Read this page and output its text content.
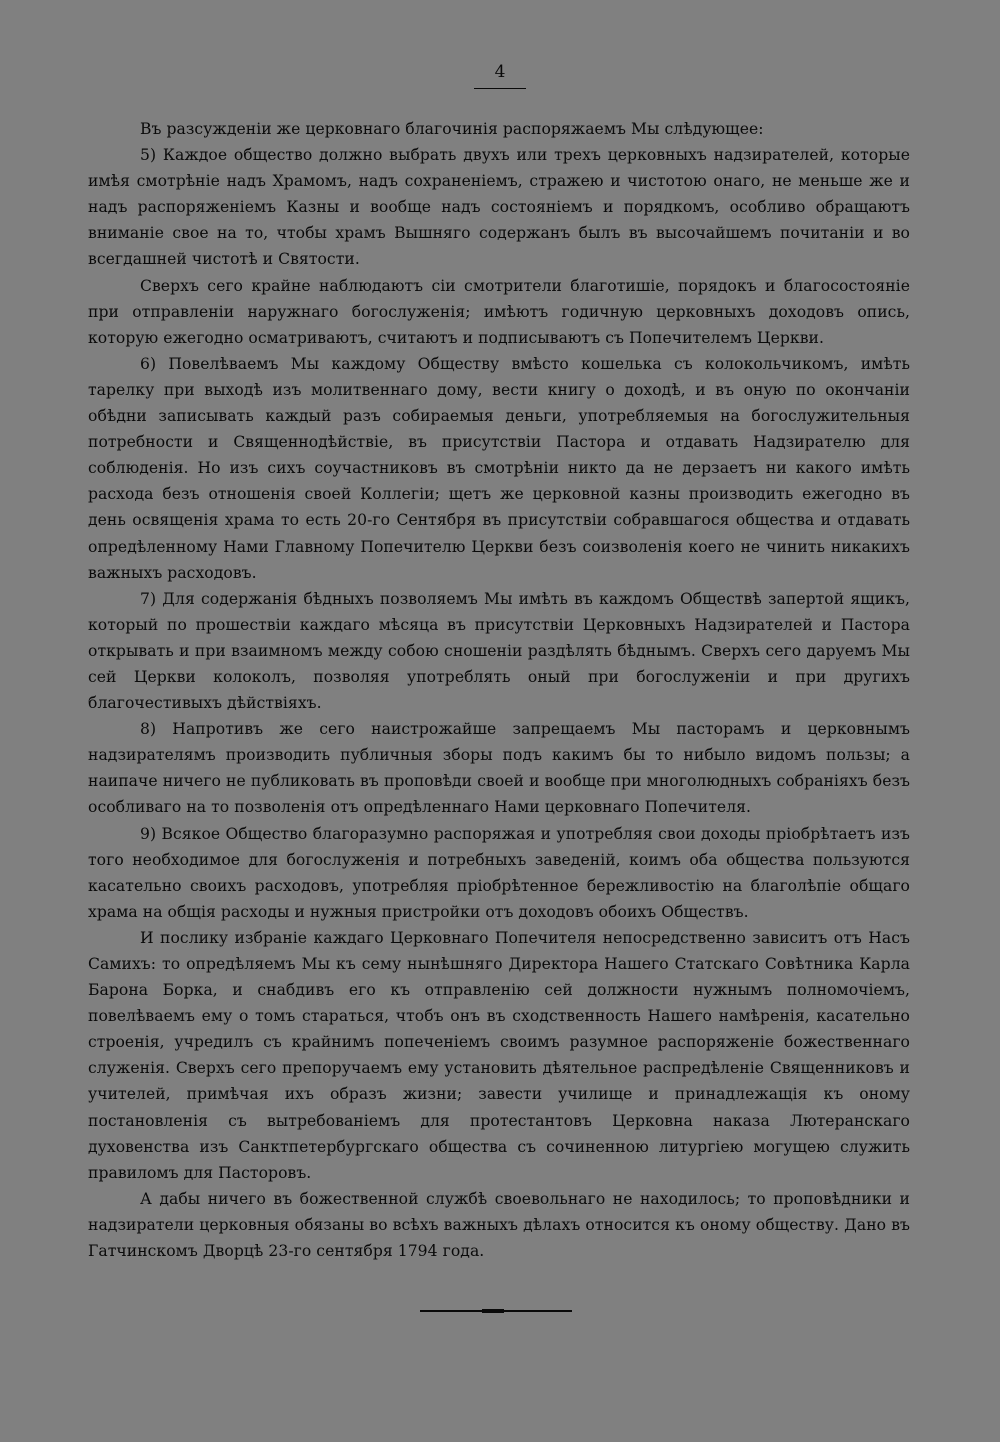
4

Въ разсужденіи же церковнаго благочинія распоряжаемъ Мы слѣдующее:

5) Каждое общество должно выбрать двухъ или трехъ церковныхъ надзирателей, которые имѣя смотрѣніе надъ Храмомъ, надъ сохраненіемъ, стражею и чистотою онаго, не меньше же и надъ распоряженіемъ Казны и вообще надъ состояніемъ и порядкомъ, особливо обращаютъ вниманіе свое на то, чтобы храмъ Вышняго содержанъ былъ въ высочайшемъ почитаніи и во всегдашней чистотѣ и Святости.

Сверхъ сего крайне наблюдаютъ сіи смотрители благотишіе, порядокъ и благосостояніе при отправленіи наружнаго богослуженія; имѣютъ годичную церковныхъ доходовъ опись, которую ежегодно осматриваютъ, считаютъ и подписываютъ съ Попечителемъ Церкви.

6) Повелѣваемъ Мы каждому Обществу вмѣсто кошелька съ колокольчикомъ, имѣть тарелку при выходѣ изъ молитвеннаго дому, вести книгу о доходѣ, и въ оную по окончаніи обѣдни записывать каждый разъ собираемыя деньги, употребляемыя на богослужительныя потребности и Священнодѣйствіе, въ присутствіи Пастора и отдавать Надзирателю для соблюденія. Но изъ сихъ соучастниковъ въ смотрѣніи никто да не дерзаетъ ни какого имѣть расхода безъ отношенія своей Коллегіи; щетъ же церковной казны производить ежегодно въ день освященія храма то есть 20-го Сентября въ присутствіи собравшагося общества и отдавать опредѣленному Нами Главному Попечителю Церкви безъ соизволенія коего не чинить никакихъ важныхъ расходовъ.

7) Для содержанія бѣдныхъ позволяемъ Мы имѣть въ каждомъ Обществѣ запертой ящикъ, который по прошествіи каждаго мѣсяца въ присутствіи Церковныхъ Надзирателей и Пастора открывать и при взаимномъ между собою сношеніи раздѣлять бѣднымъ. Сверхъ сего даруемъ Мы сей Церкви колоколъ, позволяя употреблять оный при богослуженіи и при другихъ благочестивыхъ дѣйствіяхъ.

8) Напротивъ же сего наистрожайше запрещаемъ Мы пасторамъ и церковнымъ надзирателямъ производить публичныя зборы подъ какимъ бы то нибыло видомъ пользы; а наипаче ничего не публиковать въ проповѣди своей и вообще при многолюдныхъ собраніяхъ безъ особливаго на то позволенія отъ опредѣленнаго Нами церковнаго Попечителя.

9) Всякое Общество благоразумно распоряжая и употребляя свои доходы пріобрѣтаетъ изъ того необходимое для богослуженія и потребныхъ заведеній, коимъ оба общества пользуются касательно своихъ расходовъ, употребляя пріобрѣтенное бережливостію на благолѣпіе общаго храма на общія расходы и нужныя пристройки отъ доходовъ обоихъ Обществъ.

И послику избраніе каждаго Церковнаго Попечителя непосредственно зависитъ отъ Насъ Самихъ: то опредѣляемъ Мы къ сему нынѣшняго Директора Нашего Статскаго Совѣтника Карла Барона Борка, и снабдивъ его къ отправленію сей должности нужнымъ полномочіемъ, повелѣваемъ ему о томъ стараться, чтобъ онъ въ сходственность Нашего намѣренія, касательно строенія, учредилъ съ крайнимъ попеченіемъ своимъ разумное распоряженіе божественнаго служенія. Сверхъ сего препоручаемъ ему установить дѣятельное распредѣленіе Священниковъ и учителей, примѣчая ихъ образъ жизни; завести училище и принадлежащія къ оному постановленія съ вытребованіемъ для протестантовъ Церковна наказа Лютеранскаго духовенства изъ Санктпетербургскаго общества съ сочиненною литургіею могущею служить правиломъ для Пасторовъ.

А дабы ничего въ божественной службѣ своевольнаго не находилось; то проповѣдники и надзиратели церковныя обязаны во всѣхъ важныхъ дѣлахъ относится къ оному обществу. Дано въ Гатчинскомъ Дворцѣ 23-го сентября 1794 года.
